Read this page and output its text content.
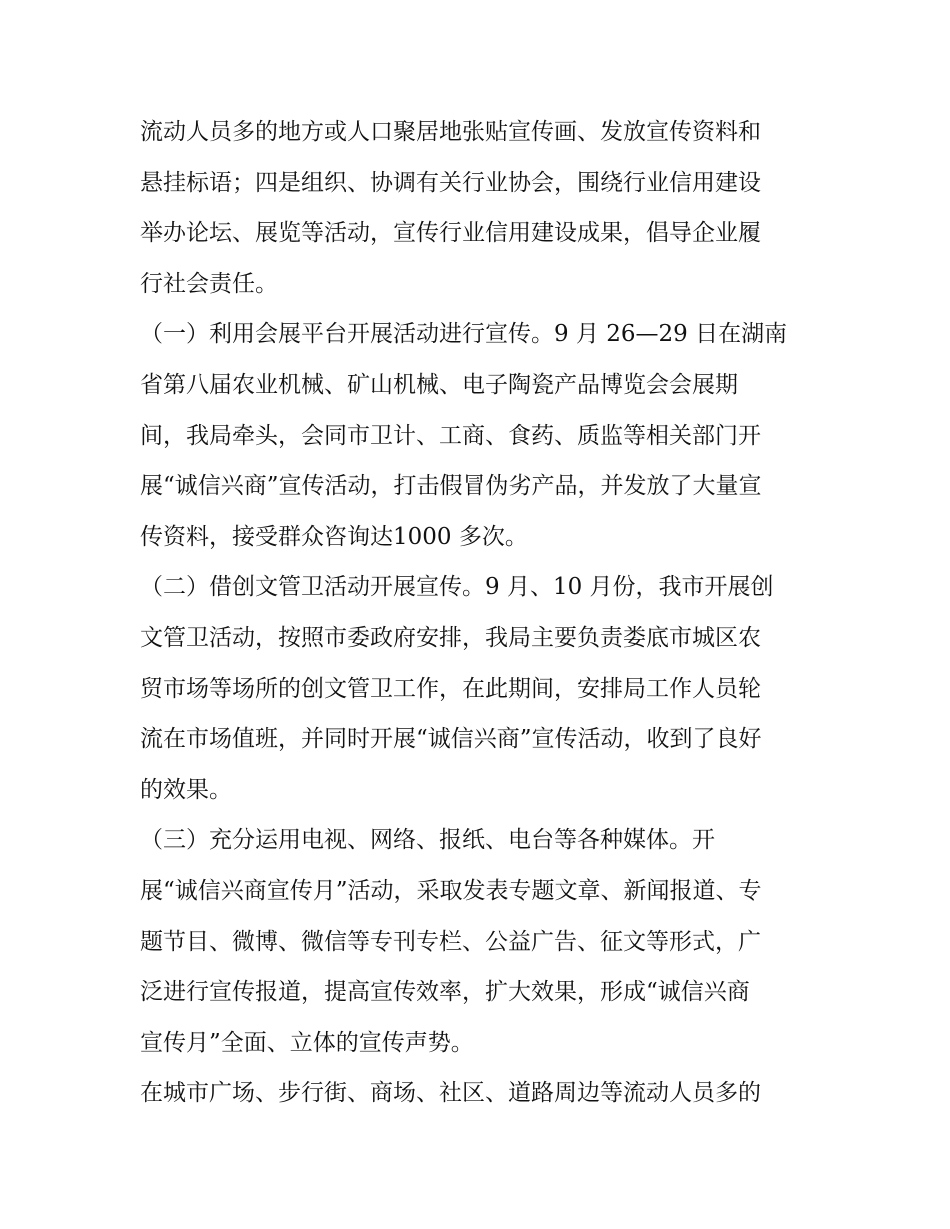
流动人员多的地方或人口聚居地张贴宣传画、发放宣传资料和
悬挂标语；四是组织、协调有关行业协会，围绕行业信用建设
举办论坛、展览等活动，宣传行业信用建设成果，倡导企业履
行社会责任。
（一）利用会展平台开展活动进行宣传。9 月 26—29 日在湖南
省第八届农业机械、矿山机械、电子陶瓷产品博览会会展期
间，我局牵头，会同市卫计、工商、食药、质监等相关部门开
展“诚信兴商”宣传活动，打击假冒伪劣产品，并发放了大量宣
传资料，接受群众咨询达1000 多次。
（二）借创文管卫活动开展宣传。9 月、10 月份，我市开展创
文管卫活动，按照市委政府安排，我局主要负责娄底市城区农
贸市场等场所的创文管卫工作，在此期间，安排局工作人员轮
流在市场值班，并同时开展“诚信兴商”宣传活动，收到了良好
的效果。
（三）充分运用电视、网络、报纸、电台等各种媒体。开
展“诚信兴商宣传月”活动，采取发表专题文章、新闻报道、专
题节目、微博、微信等专刊专栏、公益广告、征文等形式，广
泛进行宣传报道，提高宣传效率，扩大效果，形成“诚信兴商
宣传月”全面、立体的宣传声势。
在城市广场、步行街、商场、社区、道路周边等流动人员多的
